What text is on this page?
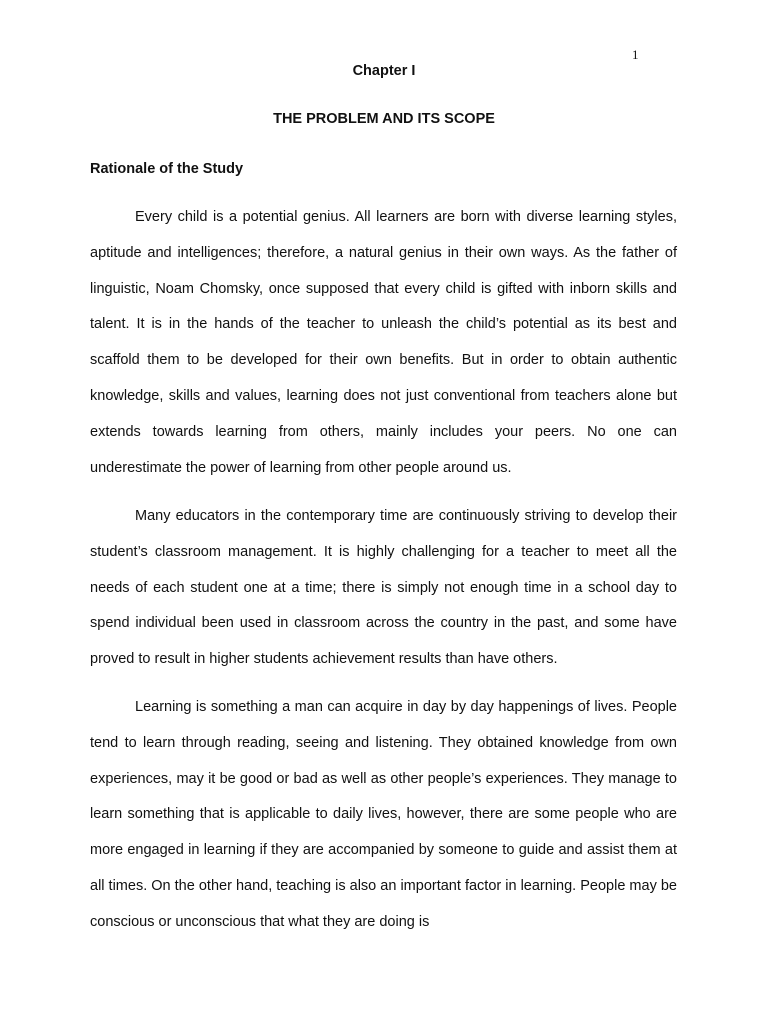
1
Chapter I
THE PROBLEM AND ITS SCOPE
Rationale of the Study

Every child is a potential genius. All learners are born with diverse learning styles, aptitude and intelligences; therefore, a natural genius in their own ways. As the father of linguistic, Noam Chomsky, once supposed that every child is gifted with inborn skills and talent. It is in the hands of the teacher to unleash the child’s potential as its best and scaffold them to be developed for their own benefits. But in order to obtain authentic knowledge, skills and values, learning does not just conventional from teachers alone but extends towards learning from others, mainly includes your peers. No one can underestimate the power of learning from other people around us.

Many educators in the contemporary time are continuously striving to develop their student’s classroom management. It is highly challenging for a teacher to meet all the needs of each student one at a time; there is simply not enough time in a school day to spend individual been used in classroom across the country in the past, and some have proved to result in higher students achievement results than have others.

Learning is something a man can acquire in day by day happenings of lives. People tend to learn through reading, seeing and listening. They obtained knowledge from own experiences, may it be good or bad as well as other people’s experiences. They manage to learn something that is applicable to daily lives, however, there are some people who are more engaged in learning if they are accompanied by someone to guide and assist them at all times. On the other hand, teaching is also an important factor in learning. People may be conscious or unconscious that what they are doing is
